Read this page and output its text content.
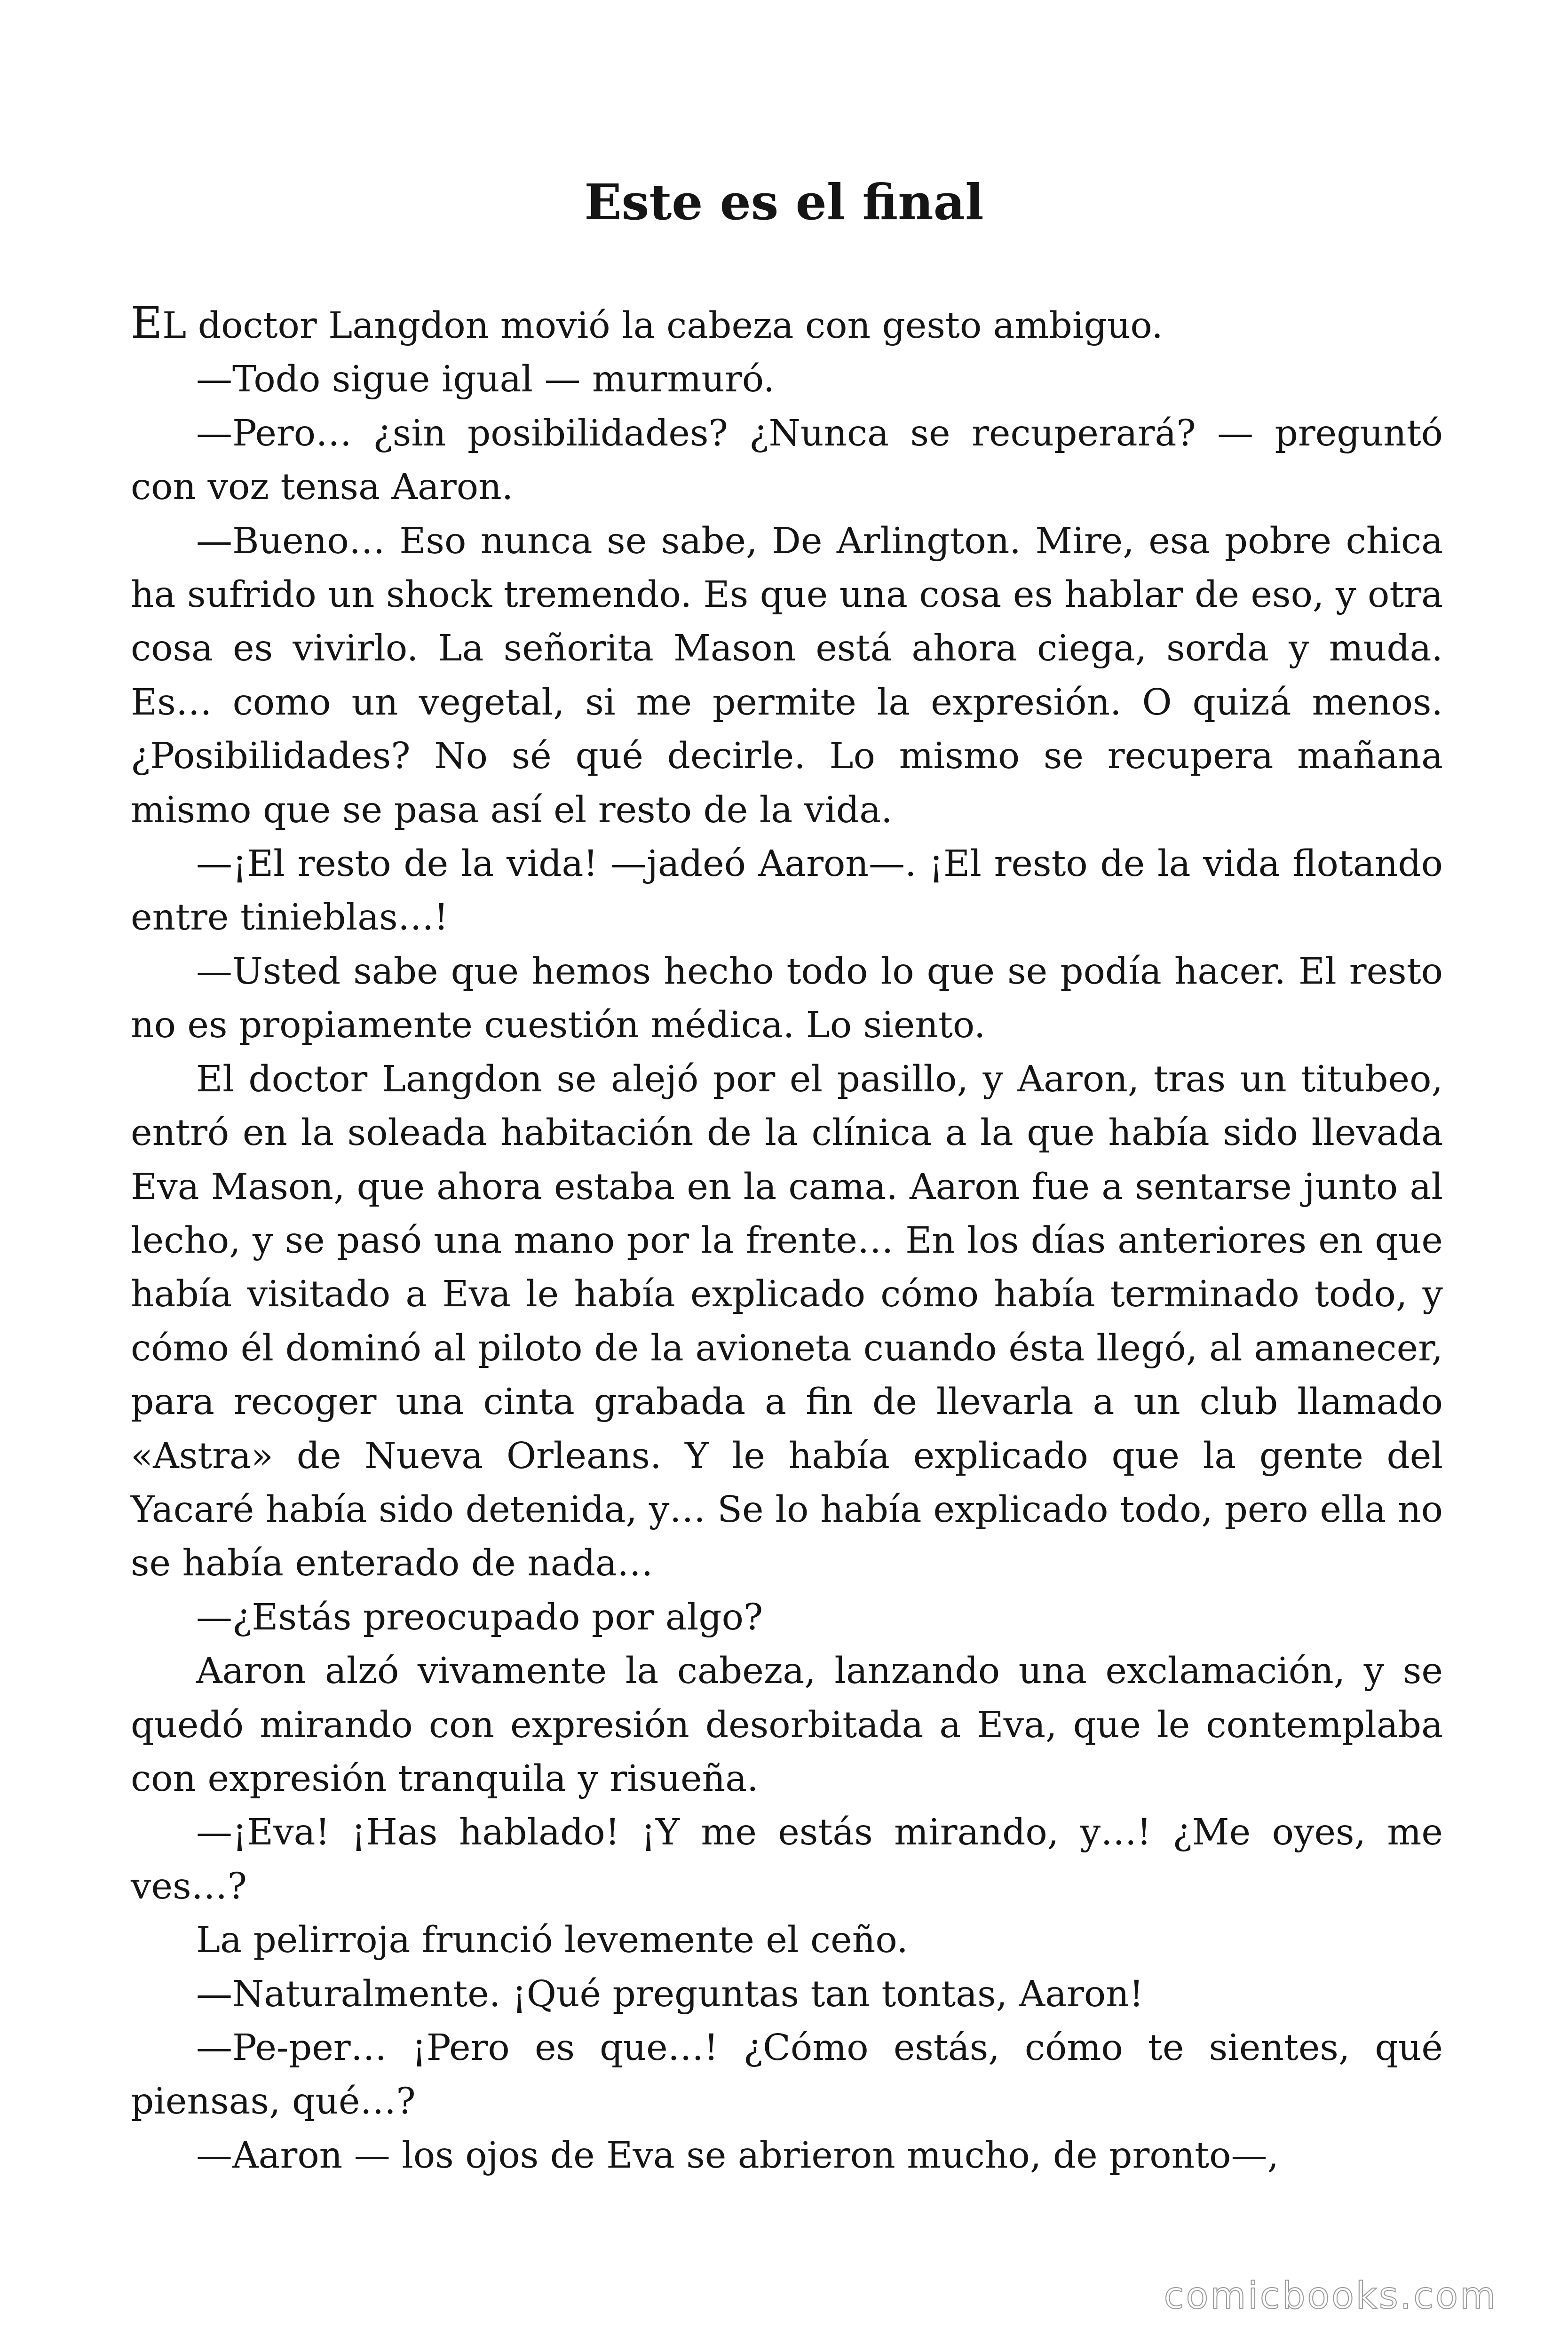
Este es el final

EL doctor Langdon movió la cabeza con gesto ambiguo.

—Todo sigue igual — murmuró.

—Pero… ¿sin posibilidades? ¿Nunca se recuperará? — preguntó con voz tensa Aaron.

—Bueno… Eso nunca se sabe, De Arlington. Mire, esa pobre chica ha sufrido un shock tremendo. Es que una cosa es hablar de eso, y otra cosa es vivirlo. La señorita Mason está ahora ciega, sorda y muda. Es… como un vegetal, si me permite la expresión. O quizá menos. ¿Posibilidades? No sé qué decirle. Lo mismo se recupera mañana mismo que se pasa así el resto de la vida.

—¡El resto de la vida! —jadeó Aaron—. ¡El resto de la vida flotando entre tinieblas…!

—Usted sabe que hemos hecho todo lo que se podía hacer. El resto no es propiamente cuestión médica. Lo siento.

El doctor Langdon se alejó por el pasillo, y Aaron, tras un titubeo, entró en la soleada habitación de la clínica a la que había sido llevada Eva Mason, que ahora estaba en la cama. Aaron fue a sentarse junto al lecho, y se pasó una mano por la frente… En los días anteriores en que había visitado a Eva le había explicado cómo había terminado todo, y cómo él dominó al piloto de la avioneta cuando ésta llegó, al amanecer, para recoger una cinta grabada a fin de llevarla a un club llamado «Astra» de Nueva Orleans. Y le había explicado que la gente del Yacaré había sido detenida, y… Se lo había explicado todo, pero ella no se había enterado de nada…

—¿Estás preocupado por algo?

Aaron alzó vivamente la cabeza, lanzando una exclamación, y se quedó mirando con expresión desorbitada a Eva, que le contemplaba con expresión tranquila y risueña.

—¡Eva! ¡Has hablado! ¡Y me estás mirando, y…! ¿Me oyes, me ves…?

La pelirroja frunció levemente el ceño.

—Naturalmente. ¡Qué preguntas tan tontas, Aaron!

—Pe-per… ¡Pero es que…! ¿Cómo estás, cómo te sientes, qué piensas, qué…?

—Aaron — los ojos de Eva se abrieron mucho, de pronto—,

comicbooks.com
